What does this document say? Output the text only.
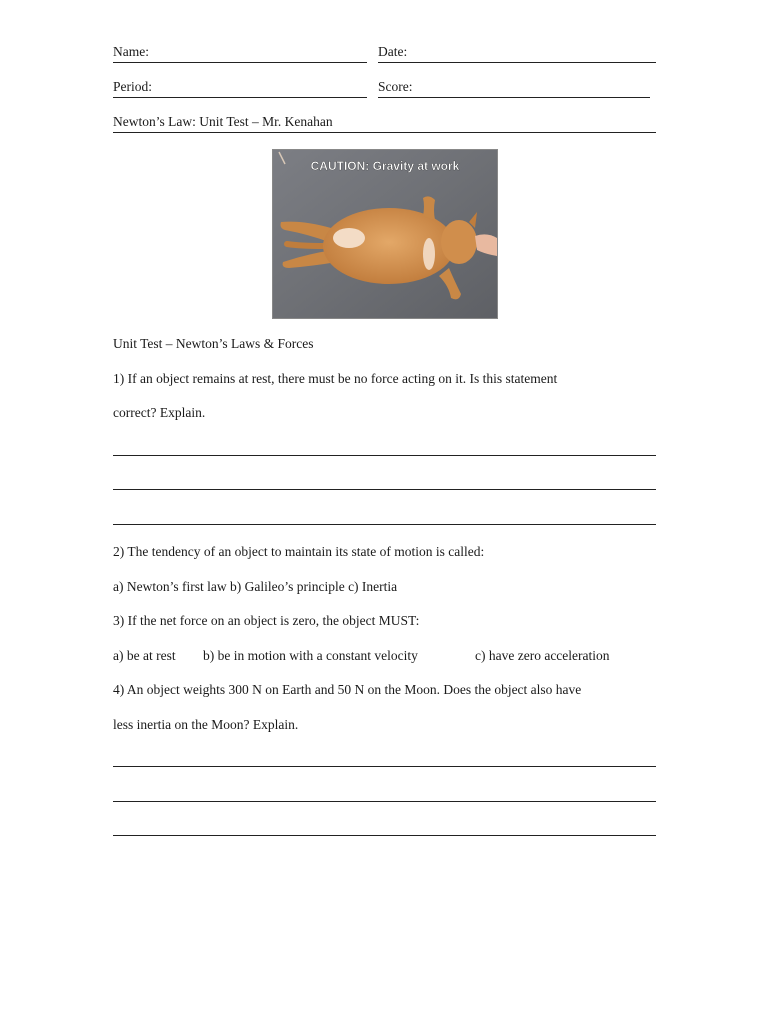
Name:	Date:
Period:	Score:
Newton’s Law: Unit Test – Mr. Kenahan
CAUTION: Gravity at work
Unit Test – Newton’s Laws & Forces
1) If an object remains at rest, there must be no force acting on it. Is this statement
correct? Explain.
2) The tendency of an object to maintain its state of motion is called:
a) Newton’s first law b) Galileo’s principle c) Inertia
3) If the net force on an object is zero, the object MUST:
a) be at rest b) be in motion with a constant velocity	c) have zero acceleration
4) An object weights 300 N on Earth and 50 N on the Moon. Does the object also have
less inertia on the Moon? Explain.
